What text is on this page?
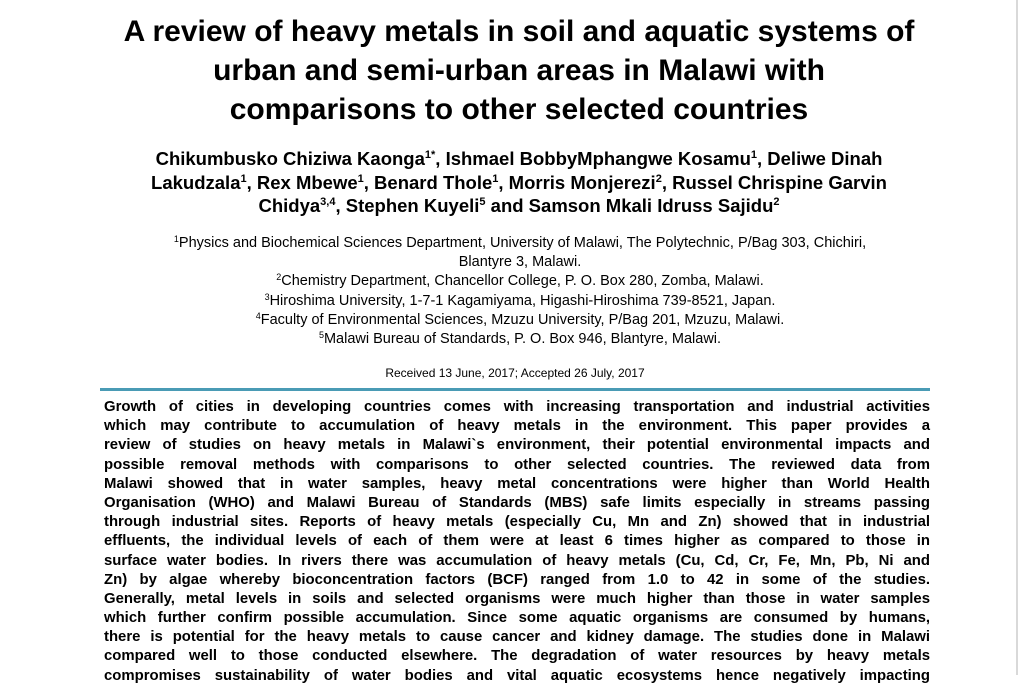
A review of heavy metals in soil and aquatic systems of
urban and semi-urban areas in Malawi with
comparisons to other selected countries
Chikumbusko Chiziwa Kaonga$^{1*}$, Ishmael BobbyMphangwe Kosamu$^1$, Deliwe Dinah
Lakudzala$^1$, Rex Mbewe$^1$, Benard Thole$^1$, Morris Monjerezi$^2$, Russel Chrispine Garvin
Chidya$^{3,4}$, Stephen Kuyeli$^5$ and Samson Mkali Idruss Sajidu$^2$
$^1$Physics and Biochemical Sciences Department, University of Malawi, The Polytechnic, P/Bag 303, Chichiri,
Blantyre 3, Malawi.
$^2$Chemistry Department, Chancellor College, P. O. Box 280, Zomba, Malawi.
$^3$Hiroshima University, 1-7-1 Kagamiyama, Higashi-Hiroshima 739-8521, Japan.
$^4$Faculty of Environmental Sciences, Mzuzu University, P/Bag 201, Mzuzu, Malawi.
$^5$Malawi Bureau of Standards, P. O. Box 946, Blantyre, Malawi.
Received 13 June, 2017; Accepted 26 July, 2017
Growth of cities in developing countries comes with increasing transportation and industrial activities
which may contribute to accumulation of heavy metals in the environment. This paper provides a
review of studies on heavy metals in Malawi`s environment, their potential environmental impacts and
possible removal methods with comparisons to other selected countries. The reviewed data from
Malawi showed that in water samples, heavy metal concentrations were higher than World Health
Organisation (WHO) and Malawi Bureau of Standards (MBS) safe limits especially in streams passing
through industrial sites. Reports of heavy metals (especially Cu, Mn and Zn) showed that in industrial
effluents, the individual levels of each of them were at least 6 times higher as compared to those in
surface water bodies. In rivers there was accumulation of heavy metals (Cu, Cd, Cr, Fe, Mn, Pb, Ni and
Zn) by algae whereby bioconcentration factors (BCF) ranged from 1.0 to 42 in some of the studies.
Generally, metal levels in soils and selected organisms were much higher than those in water samples
which further confirm possible accumulation. Since some aquatic organisms are consumed by humans,
there is potential for the heavy metals to cause cancer and kidney damage. The studies done in Malawi
compared well to those conducted elsewhere. The degradation of water resources by heavy metals
compromises sustainability of water bodies and vital aquatic ecosystems hence negatively impacting
